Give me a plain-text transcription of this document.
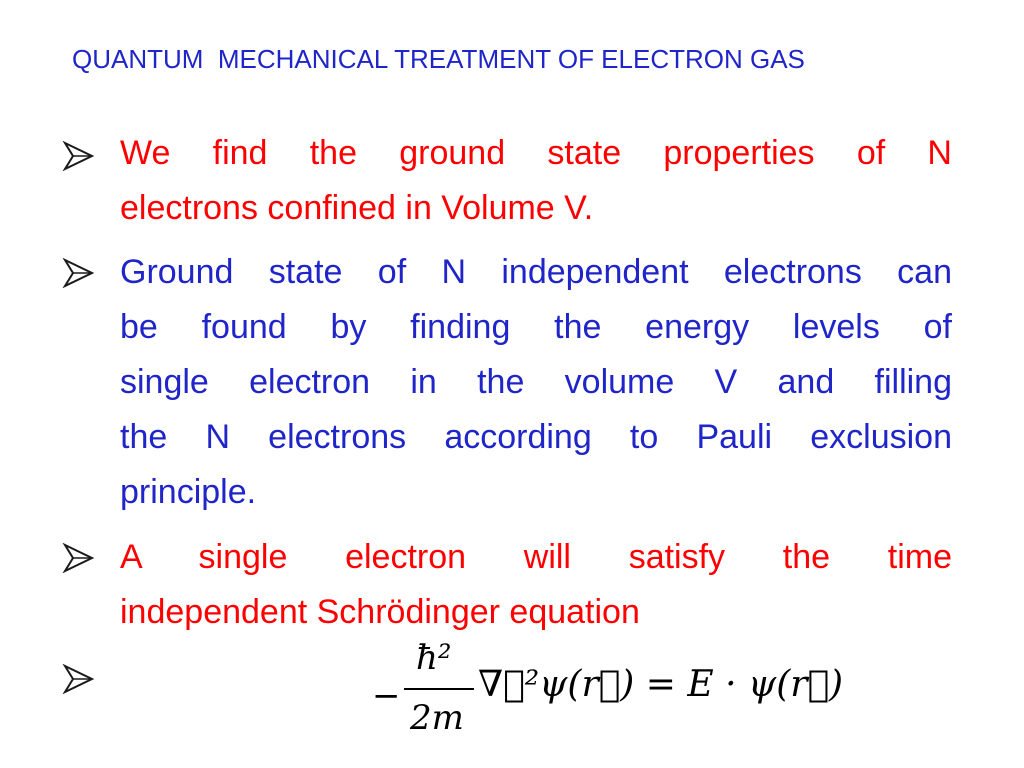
QUANTUM  MECHANICAL TREATMENT OF ELECTRON GAS
We find the ground state properties of N
electrons confined in Volume V.
Ground state of N independent electrons can
be found by finding the energy levels of
single electron in the volume V and filling
the N electrons according to Pauli exclusion
principle.
A single electron will satisfy the time
independent Schrödinger equation
−
ħ²
2m
∇⃗²ψ(r⃗) = E · ψ(r⃗)
